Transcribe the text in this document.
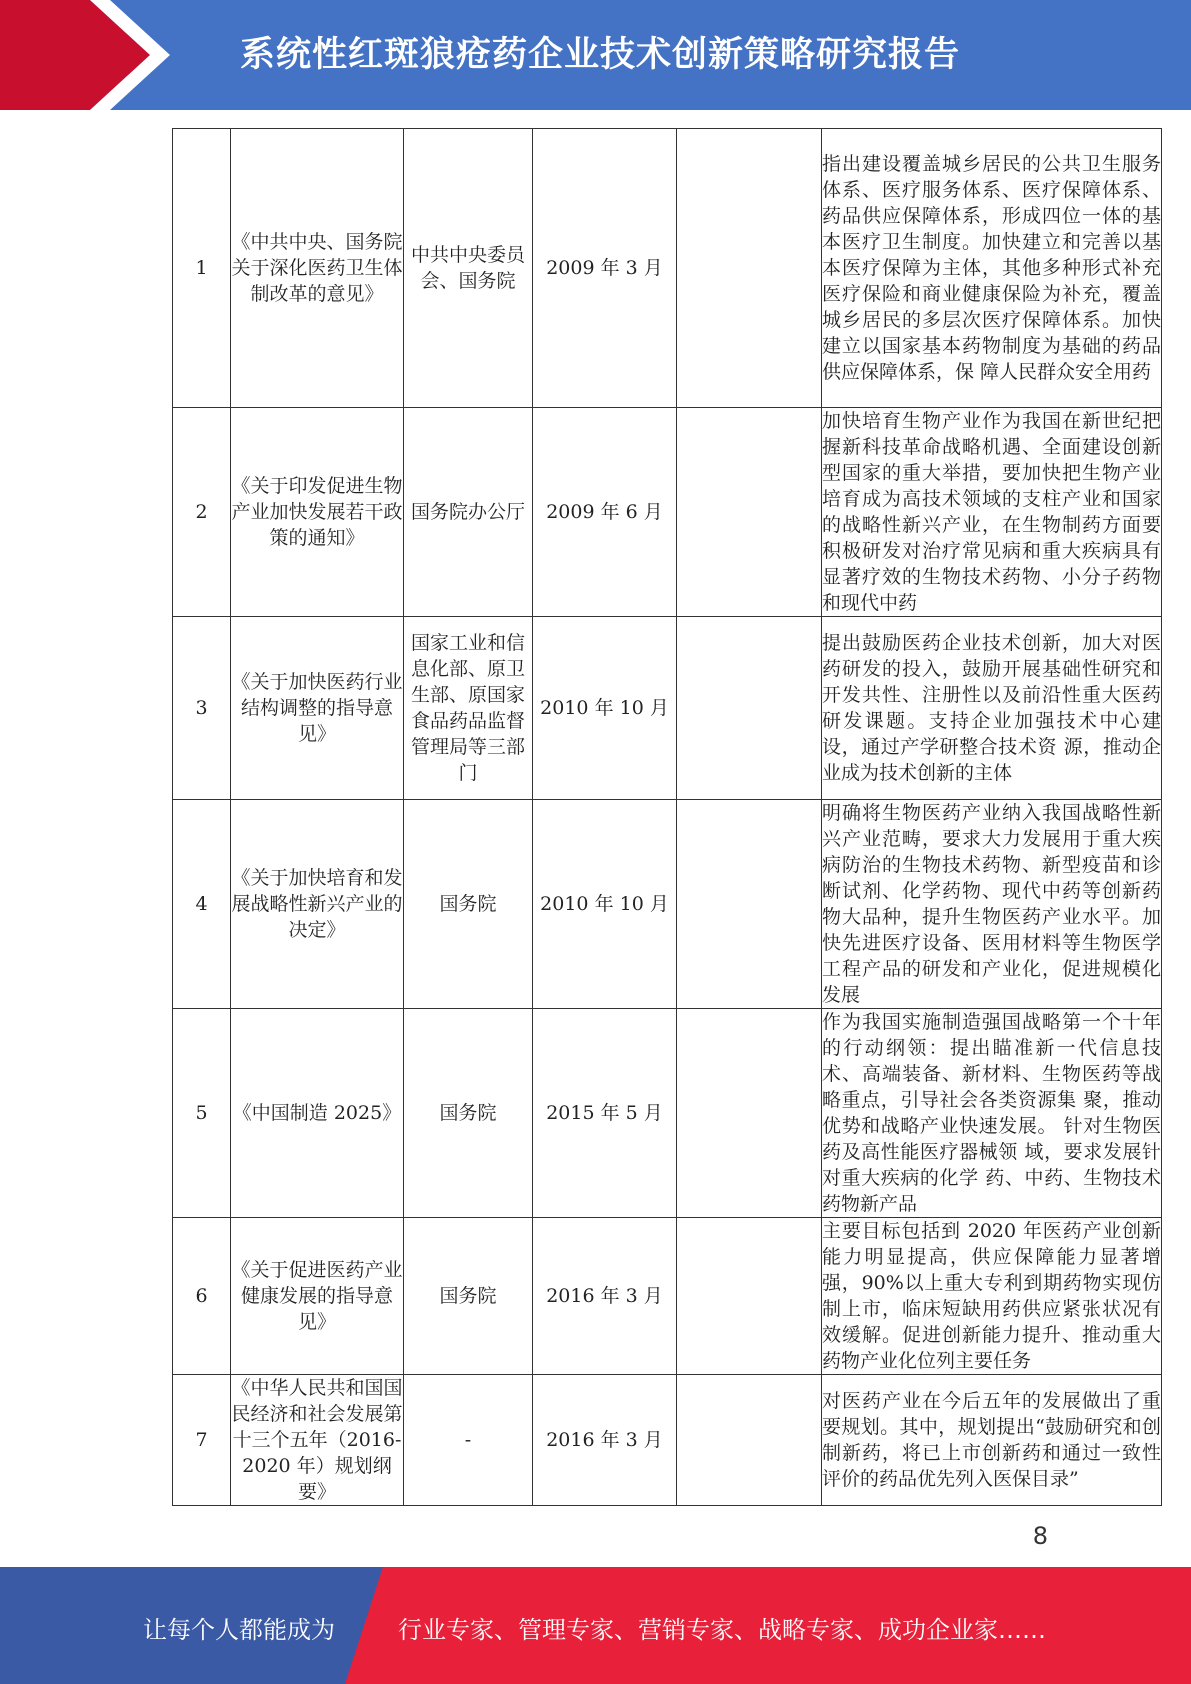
系统性红斑狼疮药企业技术创新策略研究报告
1	《中共中央、国务院关于深化医药卫生体制改革的意见》	中共中央委员会、国务院	2009 年 3 月		指出建设覆盖城乡居民的公共卫生服务体系、医疗服务体系、医疗保障体系、药品供应保障体系，形成四位一体的基本医疗卫生制度。加快建立和完善以基本医疗保障为主体，其他多种形式补充医疗保险和商业健康保险为补充，覆盖城乡居民的多层次医疗保障体系。加快建立以国家基本药物制度为基础的药品供应保障体系，保 障人民群众安全用药
2	《关于印发促进生物产业加快发展若干政策的通知》	国务院办公厅	2009 年 6 月		加快培育生物产业作为我国在新世纪把握新科技革命战略机遇、全面建设创新型国家的重大举措，要加快把生物产业培育成为高技术领域的支柱产业和国家的战略性新兴产业，在生物制药方面要积极研发对治疗常见病和重大疾病具有显著疗效的生物技术药物、小分子药物和现代中药
3	《关于加快医药行业结构调整的指导意见》	国家工业和信息化部、原卫生部、原国家食品药品监督管理局等三部门	2010 年 10 月		提出鼓励医药企业技术创新，加大对医药研发的投入，鼓励开展基础性研究和开发共性、注册性以及前沿性重大医药研发课题。支持企业加强技术中心建设，通过产学研整合技术资 源，推动企业成为技术创新的主体
4	《关于加快培育和发展战略性新兴产业的决定》	国务院	2010 年 10 月		明确将生物医药产业纳入我国战略性新兴产业范畴，要求大力发展用于重大疾病防治的生物技术药物、新型疫苗和诊断试剂、化学药物、现代中药等创新药物大品种，提升生物医药产业水平。加快先进医疗设备、医用材料等生物医学工程产品的研发和产业化，促进规模化发展
5	《中国制造 2025》	国务院	2015 年 5 月		作为我国实施制造强国战略第一个十年的行动纲领：提出瞄准新一代信息技术、高端装备、新材料、生物医药等战略重点，引导社会各类资源集 聚，推动优势和战略产业快速发展。 针对生物医药及高性能医疗器械领 域，要求发展针对重大疾病的化学 药、中药、生物技术药物新产品
6	《关于促进医药产业健康发展的指导意见》	国务院	2016 年 3 月		主要目标包括到 2020 年医药产业创新能力明显提高，供应保障能力显著增强，90%以上重大专利到期药物实现仿制上市，临床短缺用药供应紧张状况有效缓解。促进创新能力提升、推动重大药物产业化位列主要任务
7	《中华人民共和国国民经济和社会发展第十三个五年（2016-2020 年）规划纲要》	-	2016 年 3 月		对医药产业在今后五年的发展做出了重要规划。其中，规划提出“鼓励研究和创制新药，将已上市创新药和通过一致性评价的药品优先列入医保目录”
8
让每个人都能成为	行业专家、管理专家、营销专家、战略专家、成功企业家……
